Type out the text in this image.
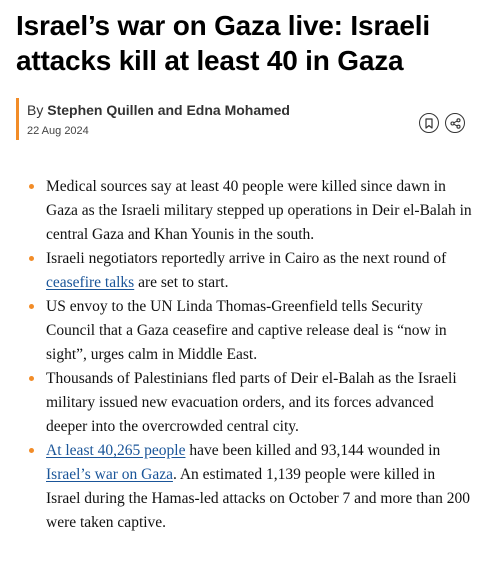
Israel’s war on Gaza live: Israeli attacks kill at least 40 in Gaza
By Stephen Quillen and Edna Mohamed
22 Aug 2024
Medical sources say at least 40 people were killed since dawn in Gaza as the Israeli military stepped up operations in Deir el-Balah in central Gaza and Khan Younis in the south.
Israeli negotiators reportedly arrive in Cairo as the next round of ceasefire talks are set to start.
US envoy to the UN Linda Thomas-Greenfield tells Security Council that a Gaza ceasefire and captive release deal is “now in sight”, urges calm in Middle East.
Thousands of Palestinians fled parts of Deir el-Balah as the Israeli military issued new evacuation orders, and its forces advanced deeper into the overcrowded central city.
At least 40,265 people have been killed and 93,144 wounded in Israel’s war on Gaza. An estimated 1,139 people were killed in Israel during the Hamas-led attacks on October 7 and more than 200 were taken captive.
